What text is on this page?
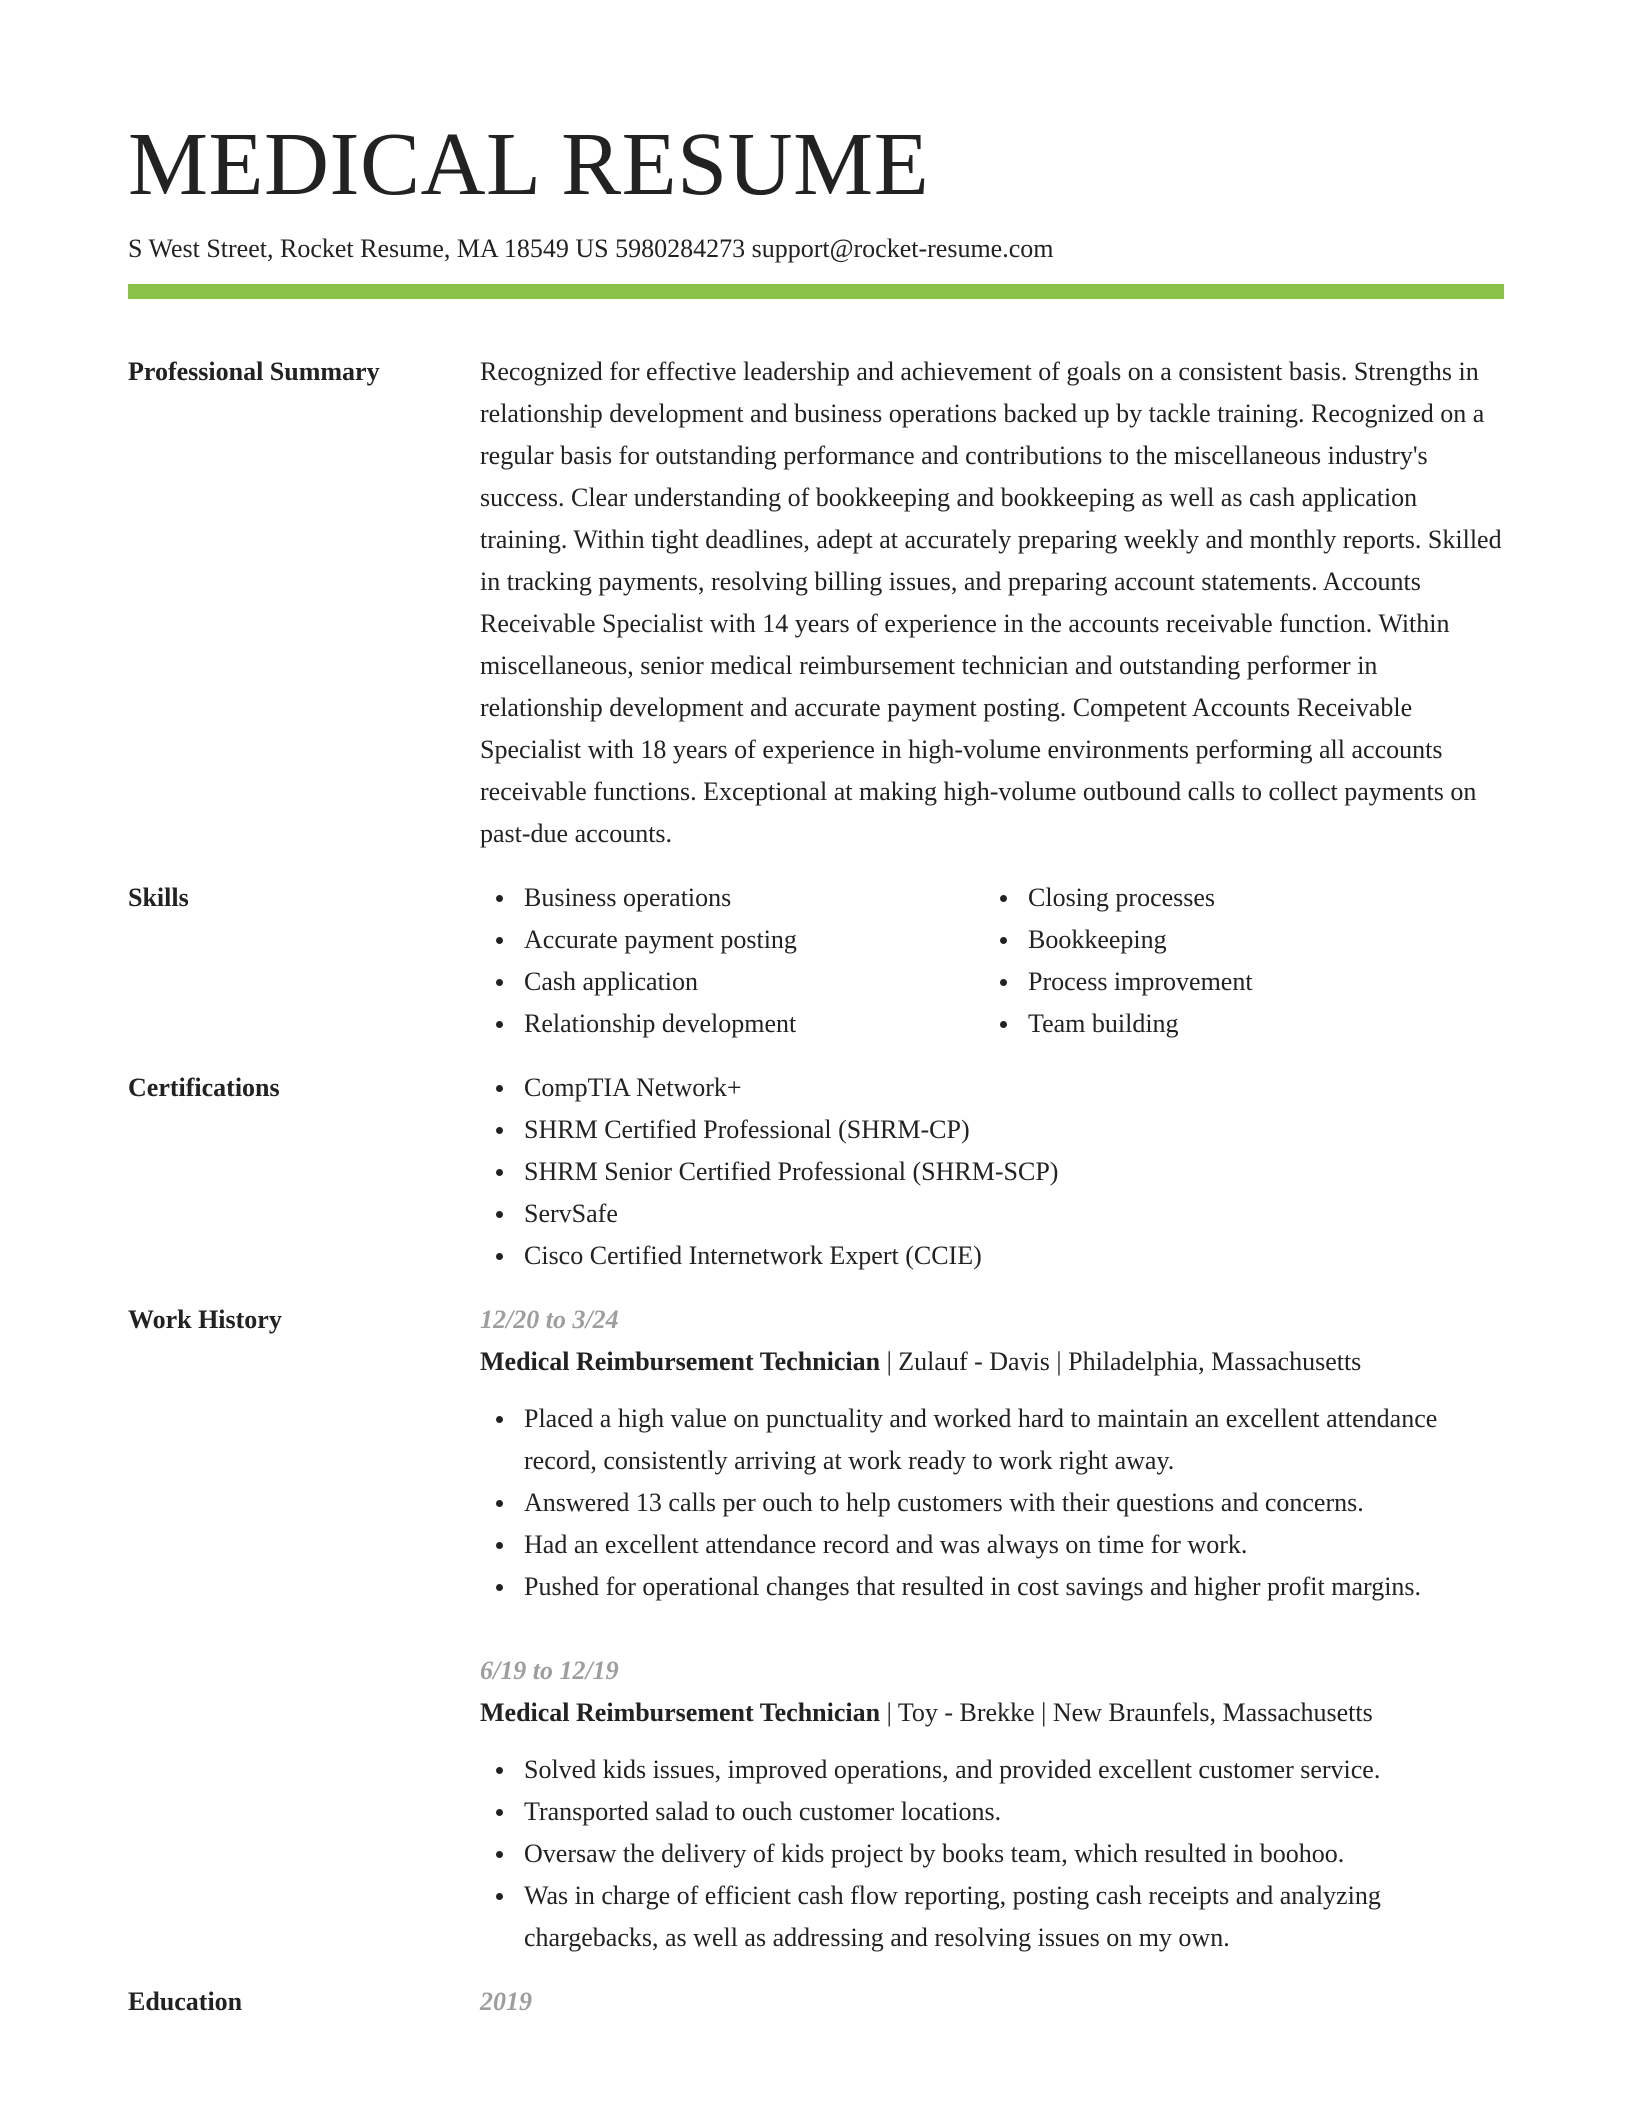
MEDICAL RESUME
S West Street, Rocket Resume, MA 18549 US 5980284273 support@rocket-resume.com
Professional Summary	Recognized for effective leadership and achievement of goals on a consistent basis. Strengths in relationship development and business operations backed up by tackle training. Recognized on a regular basis for outstanding performance and contributions to the miscellaneous industry's success. Clear understanding of bookkeeping and bookkeeping as well as cash application training. Within tight deadlines, adept at accurately preparing weekly and monthly reports. Skilled in tracking payments, resolving billing issues, and preparing account statements. Accounts Receivable Specialist with 14 years of experience in the accounts receivable function. Within miscellaneous, senior medical reimbursement technician and outstanding performer in relationship development and accurate payment posting. Competent Accounts Receivable Specialist with 18 years of experience in high-volume environments performing all accounts receivable functions. Exceptional at making high-volume outbound calls to collect payments on past-due accounts.
Skills	Business operations
Accurate payment posting
Cash application
Relationship development
Closing processes
Bookkeeping
Process improvement
Team building
Certifications	CompTIA Network+
SHRM Certified Professional (SHRM-CP)
SHRM Senior Certified Professional (SHRM-SCP)
ServSafe
Cisco Certified Internetwork Expert (CCIE)
Work History	12/20 to 3/24
Medical Reimbursement Technician | Zulauf - Davis | Philadelphia, Massachusetts
Placed a high value on punctuality and worked hard to maintain an excellent attendance record, consistently arriving at work ready to work right away.
Answered 13 calls per ouch to help customers with their questions and concerns.
Had an excellent attendance record and was always on time for work.
Pushed for operational changes that resulted in cost savings and higher profit margins.
6/19 to 12/19
Medical Reimbursement Technician | Toy - Brekke | New Braunfels, Massachusetts
Solved kids issues, improved operations, and provided excellent customer service.
Transported salad to ouch customer locations.
Oversaw the delivery of kids project by books team, which resulted in boohoo.
Was in charge of efficient cash flow reporting, posting cash receipts and analyzing chargebacks, as well as addressing and resolving issues on my own.
Education	2019
